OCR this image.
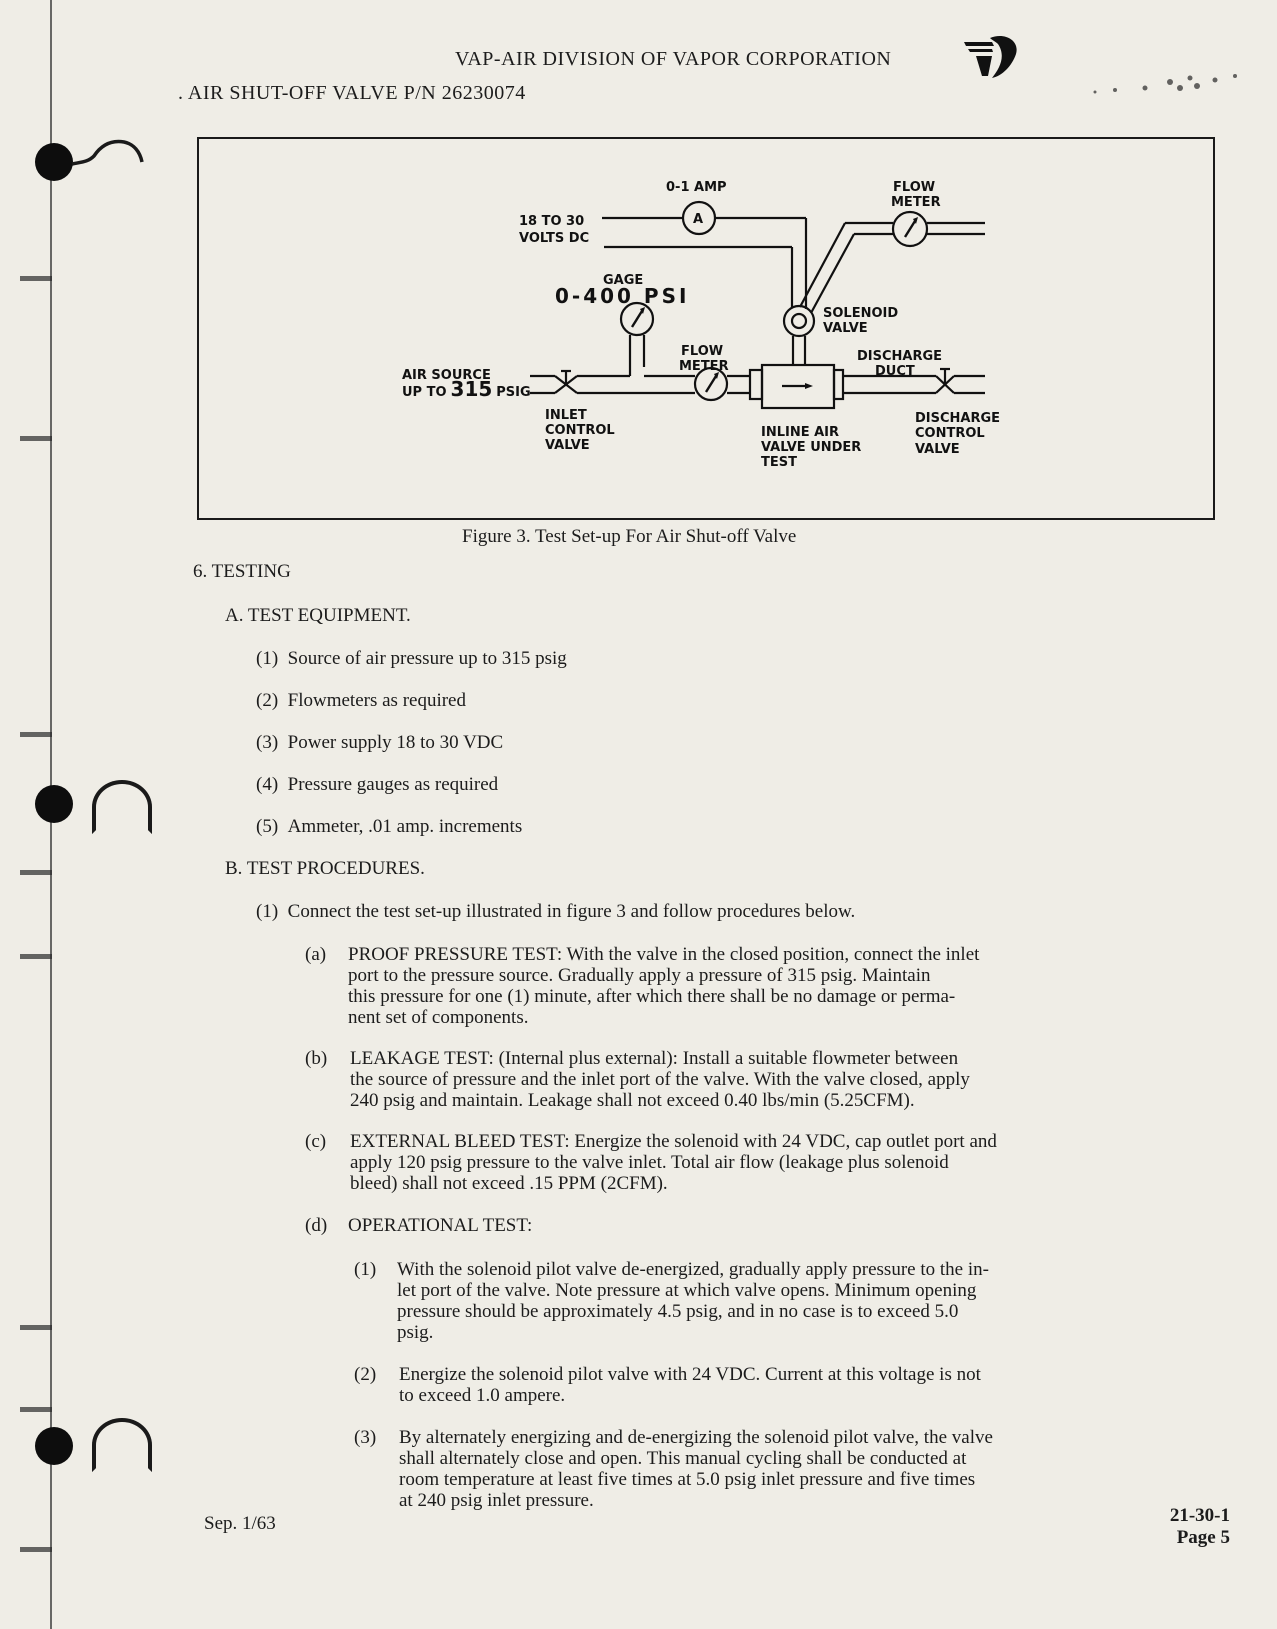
VAP-AIR DIVISION OF VAPOR CORPORATION
. AIR SHUT-OFF VALVE P/N 26230074
0-1 AMP
A
18 TO 30
VOLTS DC
FLOW
METER
GAGE
0-400 PSI
SOLENOID
VALVE
AIR SOURCE
UP TO 315 PSIG
FLOW
METER
DISCHARGE
DUCT
INLET
CONTROL
VALVE
INLINE AIR
VALVE UNDER
TEST
DISCHARGE
CONTROL
VALVE
Figure 3. Test Set-up For Air Shut-off Valve
6. TESTING
A. TEST EQUIPMENT.
(1) Source of air pressure up to 315 psig
(2) Flowmeters as required
(3) Power supply 18 to 30 VDC
(4) Pressure gauges as required
(5) Ammeter, .01 amp. increments
B. TEST PROCEDURES.
(1) Connect the test set-up illustrated in figure 3 and follow procedures below.
(a) PROOF PRESSURE TEST: With the valve in the closed position, connect the inlet
port to the pressure source. Gradually apply a pressure of 315 psig. Maintain
this pressure for one (1) minute, after which there shall be no damage or perma-
nent set of components.
(b) LEAKAGE TEST: (Internal plus external): Install a suitable flowmeter between
the source of pressure and the inlet port of the valve. With the valve closed, apply
240 psig and maintain. Leakage shall not exceed 0.40 lbs/min (5.25CFM).
(c) EXTERNAL BLEED TEST: Energize the solenoid with 24 VDC, cap outlet port and
apply 120 psig pressure to the valve inlet. Total air flow (leakage plus solenoid
bleed) shall not exceed .15 PPM (2CFM).
(d) OPERATIONAL TEST:
(1) With the solenoid pilot valve de-energized, gradually apply pressure to the in-
let port of the valve. Note pressure at which valve opens. Minimum opening
pressure should be approximately 4.5 psig, and in no case is to exceed 5.0
psig.
(2) Energize the solenoid pilot valve with 24 VDC. Current at this voltage is not
to exceed 1.0 ampere.
(3) By alternately energizing and de-energizing the solenoid pilot valve, the valve
shall alternately close and open. This manual cycling shall be conducted at
room temperature at least five times at 5.0 psig inlet pressure and five times
at 240 psig inlet pressure.
Sep. 1/63	21-30-1
Page 5
